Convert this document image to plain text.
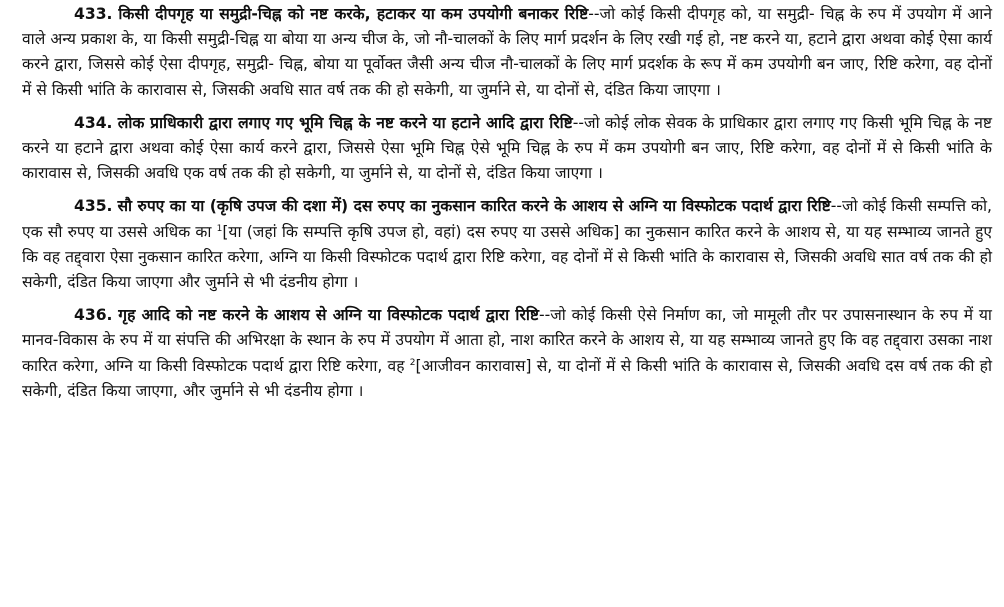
433. किसी दीपगृह या समुद्री-चिह्न को नष्ट करके, हटाकर या कम उपयोगी बनाकर रिष्टि--जो कोई किसी दीपगृह को, या समुद्री- चिह्न के रुप में उपयोग में आने वाले अन्य प्रकाश के, या किसी समुद्री-चिह्न या बोया या अन्य चीज के, जो नौ-चालकों के लिए मार्ग प्रदर्शन के लिए रखी गई हो, नष्ट करने या, हटाने द्वारा अथवा कोई ऐसा कार्य करने द्वारा, जिससे कोई ऐसा दीपगृह, समुद्री- चिह्न, बोया या पूर्वोक्त जैसी अन्य चीज नौ-चालकों के लिए मार्ग प्रदर्शक के रूप में कम उपयोगी बन जाए, रिष्टि करेगा, वह दोनों में से किसी भांति के कारावास से, जिसकी अवधि सात वर्ष तक की हो सकेगी, या जुर्माने से, या दोनों से, दंडित किया जाएगा ।

434. लोक प्राधिकारी द्वारा लगाए गए भूमि चिह्न के नष्ट करने या हटाने आदि द्वारा रिष्टि--जो कोई लोक सेवक के प्राधिकार द्वारा लगाए गए किसी भूमि चिह्न के नष्ट करने या हटाने द्वारा अथवा कोई ऐसा कार्य करने द्वारा, जिससे ऐसा भूमि चिह्न ऐसे भूमि चिह्न के रुप में कम उपयोगी बन जाए, रिष्टि करेगा, वह दोनों में से किसी भांति के कारावास से, जिसकी अवधि एक वर्ष तक की हो सकेगी, या जुर्माने से, या दोनों से, दंडित किया जाएगा ।

435. सौ रुपए का या (कृषि उपज की दशा में) दस रुपए का नुकसान कारित करने के आशय से अग्नि या विस्फोटक पदार्थ द्वारा रिष्टि--जो कोई किसी सम्पत्ति को, एक सौ रुपए या उससे अधिक का $^1$[या (जहां कि सम्पत्ति कृषि उपज हो, वहां) दस रुपए या उससे अधिक] का नुकसान कारित करने के आशय से, या यह सम्भाव्य जानते हुए कि वह तद्द्वारा ऐसा नुकसान कारित करेगा, अग्नि या किसी विस्फोटक पदार्थ द्वारा रिष्टि करेगा, वह दोनों में से किसी भांति के कारावास से, जिसकी अवधि सात वर्ष तक की हो सकेगी, दंडित किया जाएगा और जुर्माने से भी दंडनीय होगा ।

436. गृह आदि को नष्ट करने के आशय से अग्नि या विस्फोटक पदार्थ द्वारा रिष्टि--जो कोई किसी ऐसे निर्माण का, जो मामूली तौर पर उपासनास्थान के रुप में या मानव-विकास के रुप में या संपत्ति की अभिरक्षा के स्थान के रुप में उपयोग में आता हो, नाश कारित करने के आशय से, या यह सम्भाव्य जानते हुए कि वह तद्द्वारा उसका नाश कारित करेगा, अग्नि या किसी विस्फोटक पदार्थ द्वारा रिष्टि करेगा, वह $^2$[आजीवन कारावास] से, या दोनों में से किसी भांति के कारावास से, जिसकी अवधि दस वर्ष तक की हो सकेगी, दंडित किया जाएगा, और जुर्माने से भी दंडनीय होगा ।
